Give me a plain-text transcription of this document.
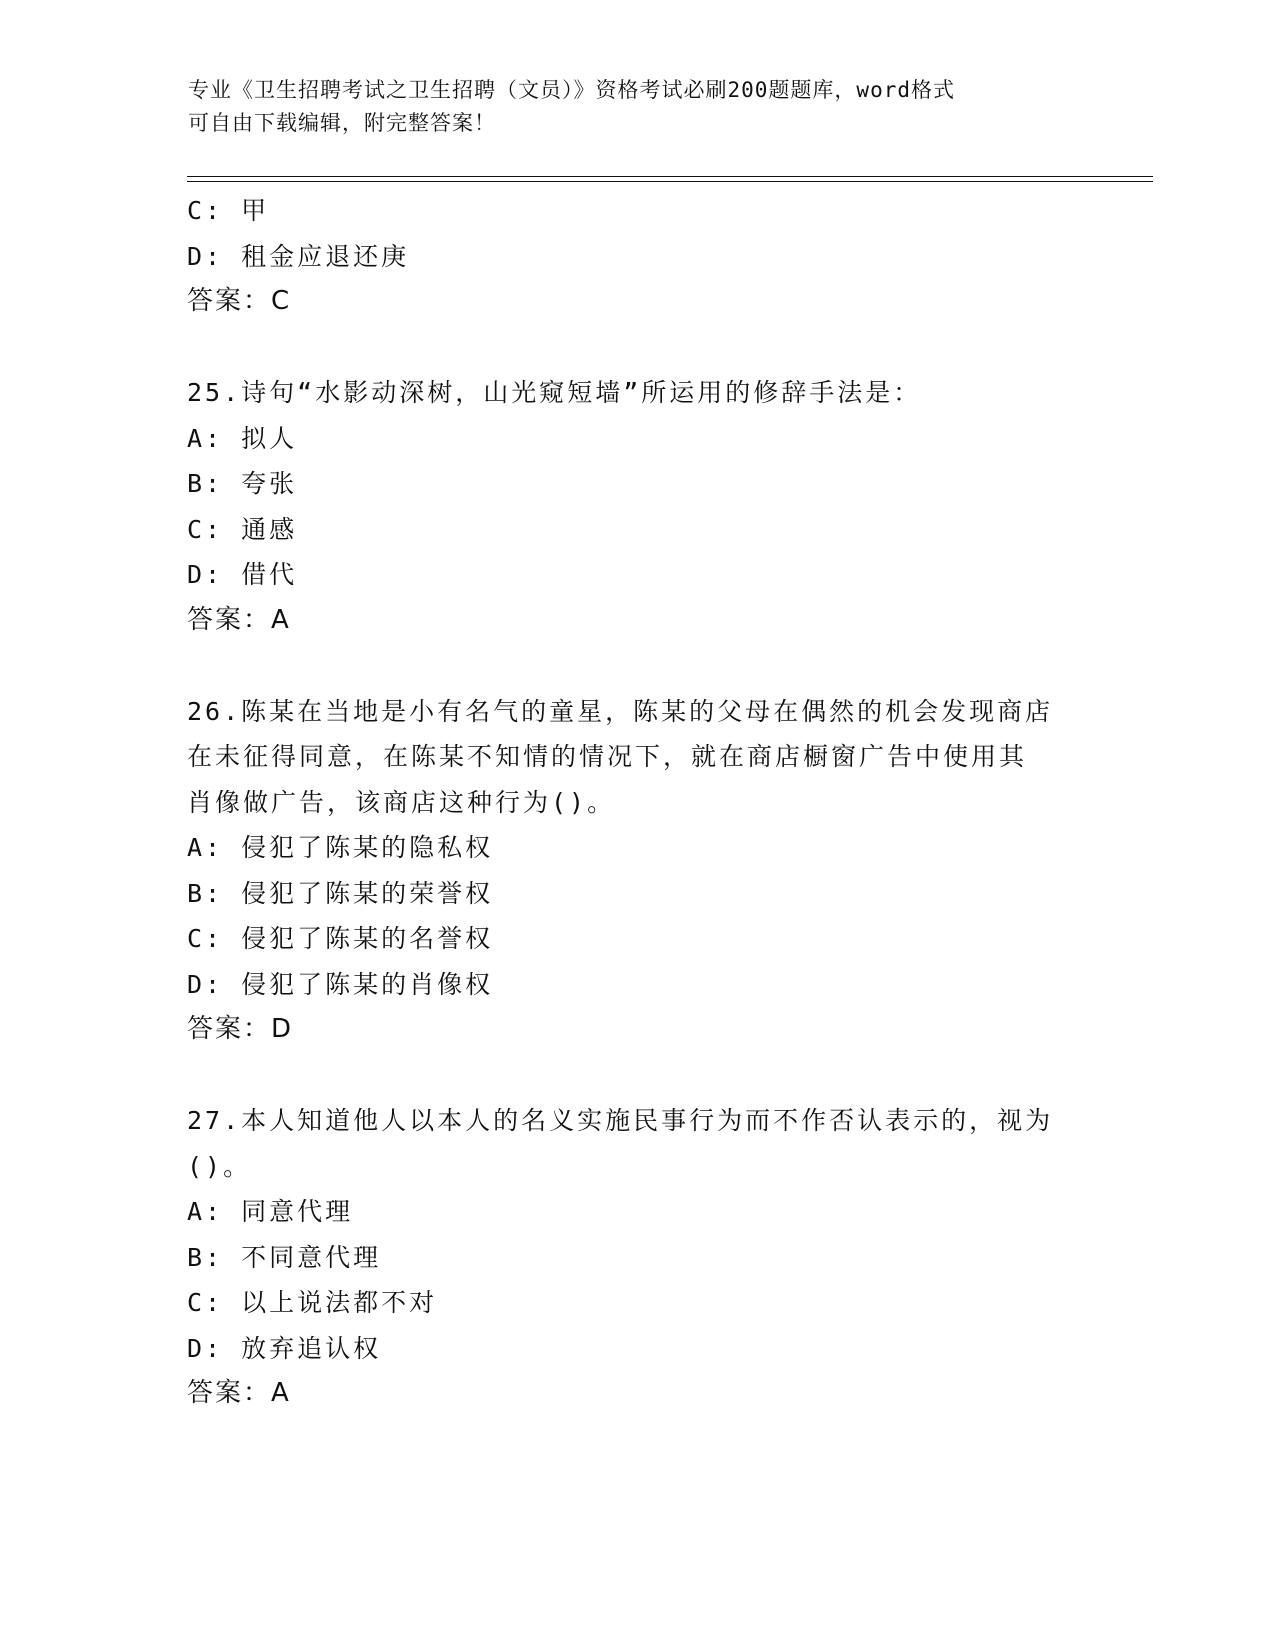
专业《卫生招聘考试之卫生招聘（文员）》资格考试必刷200题题库，word格式
可自由下载编辑，附完整答案！
C: 甲
D: 租金应退还庚
答案：C
25.诗句“水影动深树，山光窥短墙”所运用的修辞手法是：
A: 拟人
B: 夸张
C: 通感
D: 借代
答案：A
26.陈某在当地是小有名气的童星，陈某的父母在偶然的机会发现商店
在未征得同意，在陈某不知情的情况下，就在商店橱窗广告中使用其
肖像做广告，该商店这种行为()。
A: 侵犯了陈某的隐私权
B: 侵犯了陈某的荣誉权
C: 侵犯了陈某的名誉权
D: 侵犯了陈某的肖像权
答案：D
27.本人知道他人以本人的名义实施民事行为而不作否认表示的，视为
()。
A: 同意代理
B: 不同意代理
C: 以上说法都不对
D: 放弃追认权
答案：A
